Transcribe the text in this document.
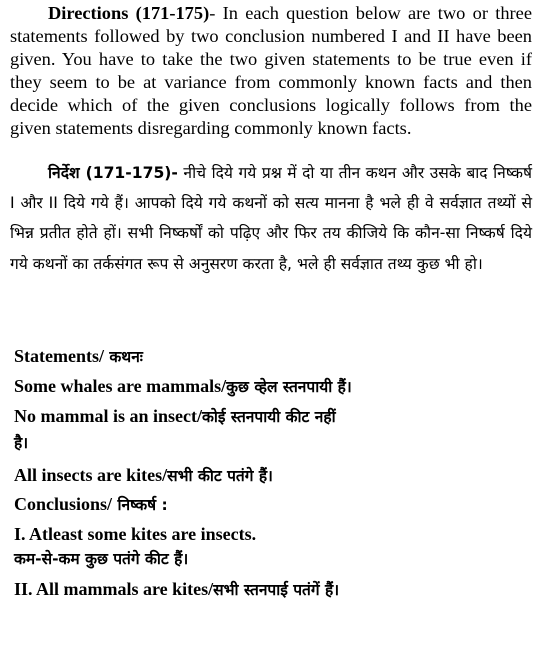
Directions (171-175)- In each question below are two or three statements followed by two conclusion numbered I and II have been given. You have to take the two given statements to be true even if they seem to be at variance from commonly known facts and then decide which of the given conclusions logically follows from the given statements disregarding commonly known facts.
निर्देश (171-175)- नीचे दिये गये प्रश्न में दो या तीन कथन और उसके बाद निष्कर्ष I और II दिये गये हैं। आपको दिये गये कथनों को सत्य मानना है भले ही वे सर्वज्ञात तथ्यों से भिन्न प्रतीत होते हों। सभी निष्कर्षों को पढ़िए और फिर तय कीजिये कि कौन-सा निष्कर्ष दिये गये कथनों का तर्कसंगत रूप से अनुसरण करता है, भले ही सर्वज्ञात तथ्य कुछ भी हो।
Statements/ कथनः
Some whales are mammals/कुछ व्हेल स्तनपायी हैं।
No mammal is an insect/कोई स्तनपायी कीट नहीं
है।
All insects are kites/सभी कीट पतंगे हैं।
Conclusions/ निष्कर्ष :
I. Atleast some kites are insects.
कम-से-कम कुछ पतंगे कीट हैं।
II. All mammals are kites/सभी स्तनपाई पतंगें हैं।
